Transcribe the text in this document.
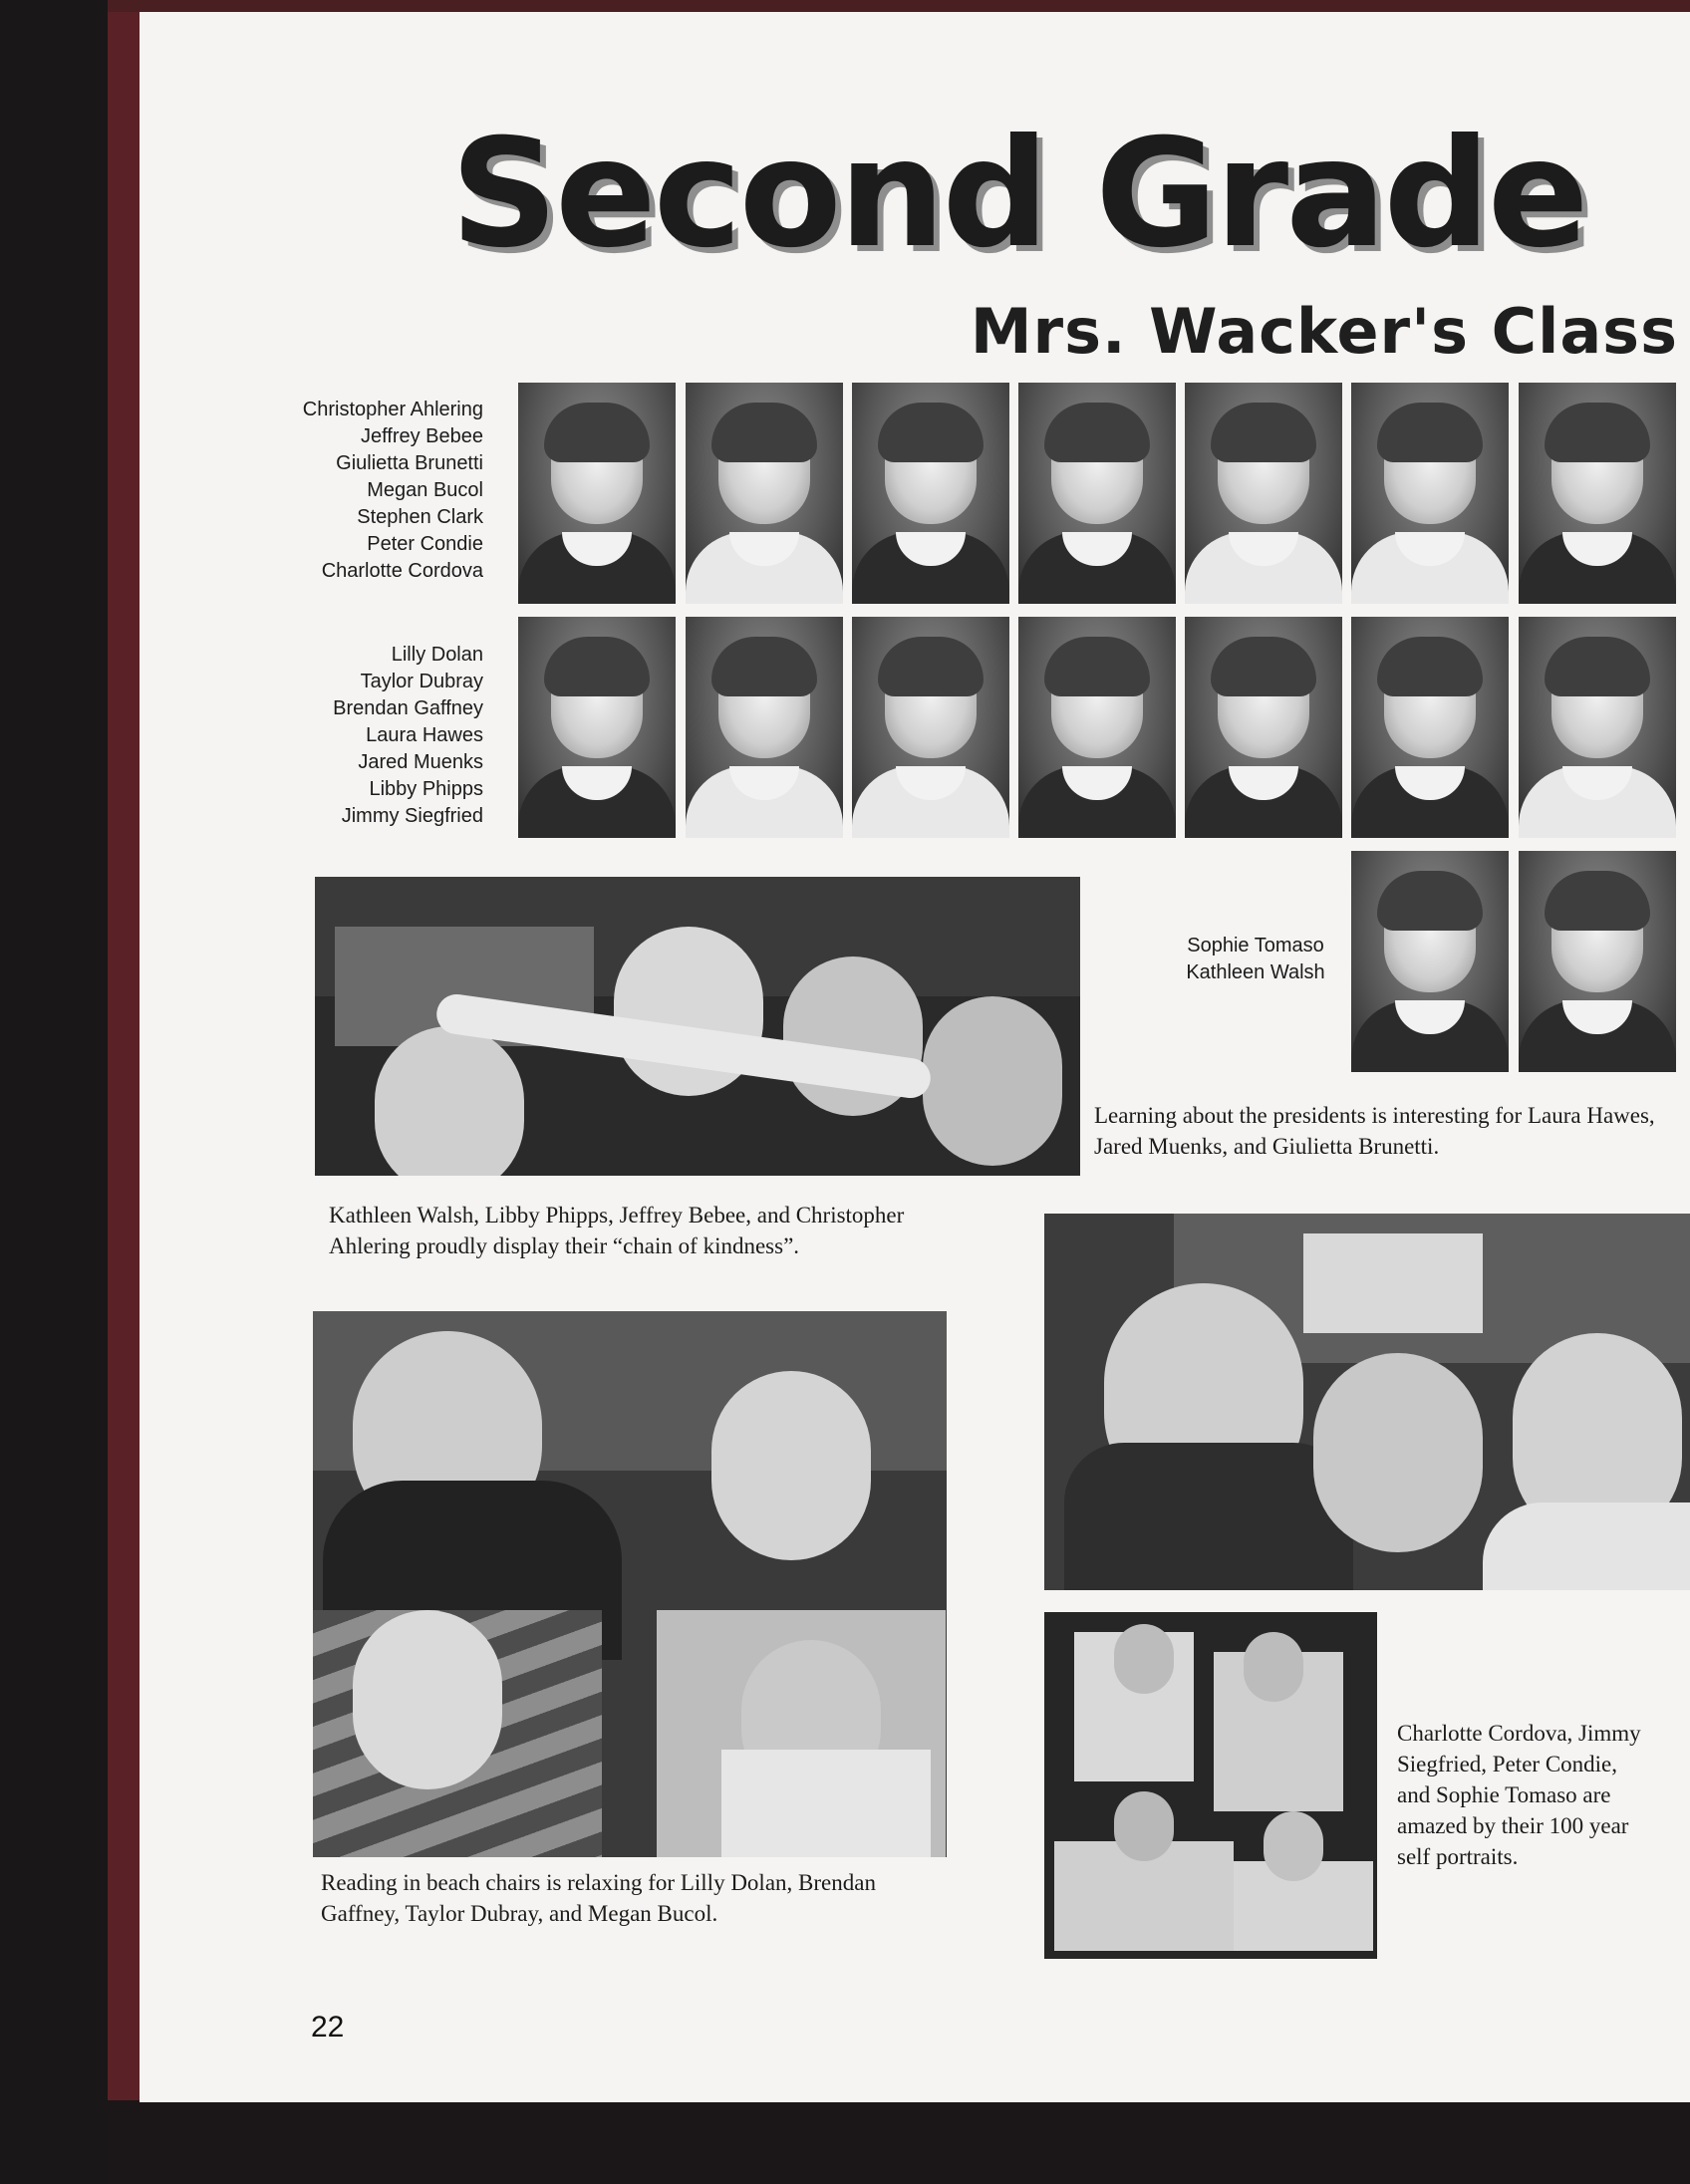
Second Grade
Mrs. Wacker's Class
Christopher Ahlering
Jeffrey Bebee
Giulietta Brunetti
Megan Bucol
Stephen Clark
Peter Condie
Charlotte Cordova
Lilly Dolan
Taylor Dubray
Brendan Gaffney
Laura Hawes
Jared Muenks
Libby Phipps
Jimmy Siegfried
Sophie Tomaso
Kathleen Walsh

Kathleen Walsh, Libby Phipps, Jeffrey Bebee, and Christopher Ahlering proudly display their “chain of kindness”.

Learning about the presidents is interesting for Laura Hawes, Jared Muenks, and Giulietta Brunetti.

Reading in beach chairs is relaxing for Lilly Dolan, Brendan Gaffney, Taylor Dubray, and Megan Bucol.

Charlotte Cordova, Jimmy Siegfried, Peter Condie, and Sophie Tomaso are amazed by their 100 year self portraits.

22
